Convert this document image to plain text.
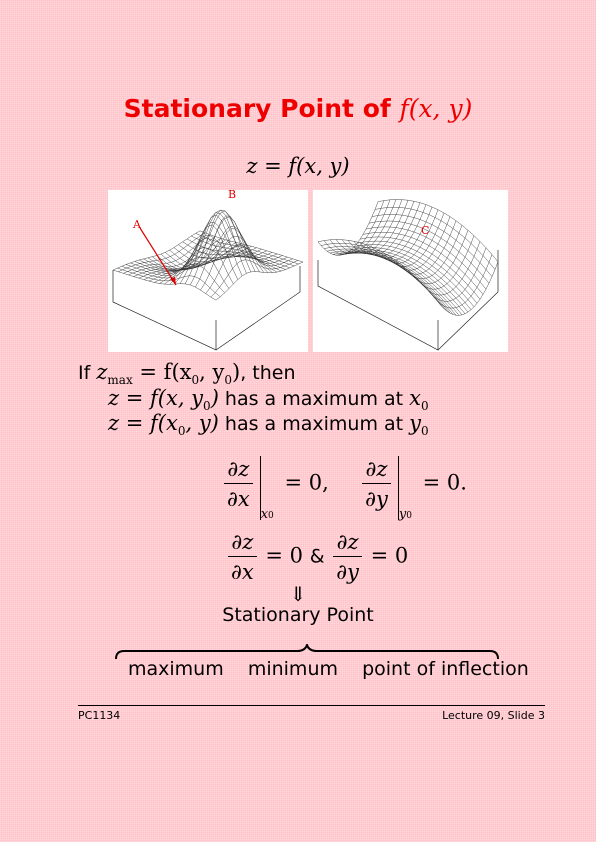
Stationary Point of f(x, y)
z = f(x, y)
A
B
C
If $z_{max} = f(x_0$, $y_0$), then
z = f(x, $y_0$) has a maximum at $x_0$
$z = f(x_0$, y) has a maximum at $y_0$
$\frac{\partial z}{\partial x}$
x0 = 0, $\frac{\partial z}{\partial y}$
y0 = 0.
$\frac{\partial z}{\partial x} = 0$ & $\frac{\partial z}{\partial y} = 0$
⇓
Stationary Point
maximum minimum point of inflection
PC1134	Lecture 09, Slide 3
